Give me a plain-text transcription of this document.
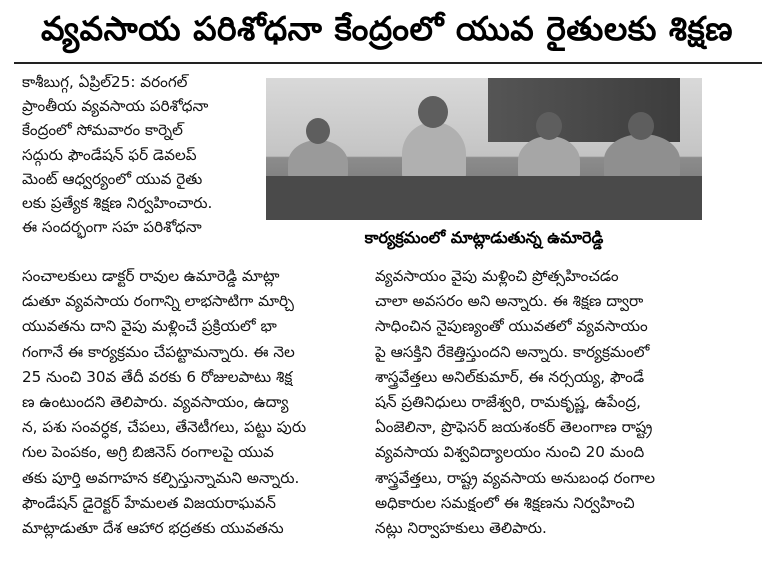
వ్యవసాయ పరిశోధనా కేంద్రంలో యువ రైతులకు శిక్షణ
కాశీబుగ్గ, ఏప్రిల్25: వరంగల్
ప్రాంతీయ వ్యవసాయ పరిశోధనా
కేంద్రంలో సోమవారం కార్నెల్
సద్గురు ఫౌండేషన్ ఫర్ డెవలప్
మెంట్ ఆధ్వర్యంలో యువ రైతు
లకు ప్రత్యేక శిక్షణ నిర్వహించారు.
ఈ సందర్భంగా సహ పరిశోధనా
కార్యక్రమంలో మాట్లాడుతున్న ఉమారెడ్డి
సంచాలకులు డాక్టర్ రావుల ఉమారెడ్డి మాట్లా
డుతూ వ్యవసాయ రంగాన్ని లాభసాటిగా మార్చి
యువతను దాని వైపు మళ్లించే ప్రక్రియలో భా
గంగానే ఈ కార్యక్రమం చేపట్టామన్నారు. ఈ నెల
25 నుంచి 30వ తేదీ వరకు 6 రోజులపాటు శిక్ష
ణ ఉంటుందని తెలిపారు. వ్యవసాయం, ఉద్యా
న, పశు సంవర్ధక, చేపలు, తేనెటీగలు, పట్టు పురు
గుల పెంపకం, అగ్రి బిజినెస్ రంగాలపై యువ
తకు పూర్తి అవగాహన కల్పిస్తున్నామని అన్నారు.
ఫౌండేషన్ డైరెక్టర్ హేమలత విజయరాఘవన్
మాట్లాడుతూ దేశ ఆహార భద్రతకు యువతను
వ్యవసాయం వైపు మళ్లించి ప్రోత్సహించడం
చాలా అవసరం అని అన్నారు. ఈ శిక్షణ ద్వారా
సాధించిన నైపుణ్యంతో యువతలో వ్యవసాయం
పై ఆసక్తిని రేకెత్తిస్తుందని అన్నారు. కార్యక్రమంలో
శాస్త్రవేత్తలు అనిల్‌కుమార్, ఈ నర్సయ్య, ఫౌండే
షన్ ప్రతినిధులు రాజేశ్వరి, రామకృష్ణ, ఉపేంద్ర,
ఏంజెలినా, ప్రొఫెసర్ జయశంకర్ తెలంగాణ రాష్ట్ర
వ్యవసాయ విశ్వవిద్యాలయం నుంచి 20 మంది
శాస్త్రవేత్తలు, రాష్ట్ర వ్యవసాయ అనుబంధ రంగాల
అధికారుల సమక్షంలో ఈ శిక్షణను నిర్వహించి
నట్లు నిర్వాహకులు తెలిపారు.
